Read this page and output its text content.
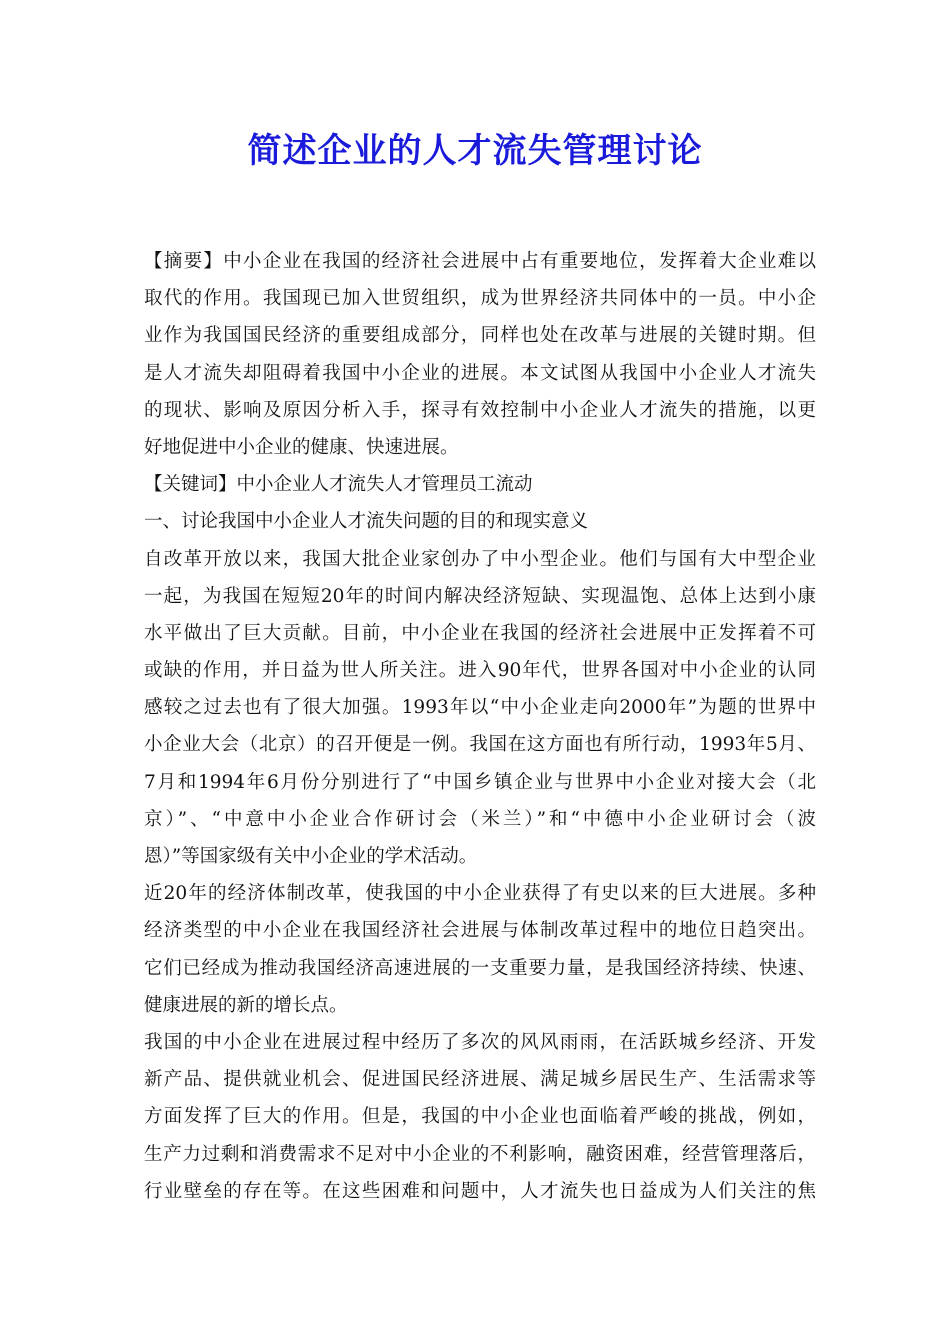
简述企业的人才流失管理讨论
【摘要】中小企业在我国的经济社会进展中占有重要地位，发挥着大企业难以
取代的作用。我国现已加入世贸组织，成为世界经济共同体中的一员。中小企
业作为我国国民经济的重要组成部分，同样也处在改革与进展的关键时期。但
是人才流失却阻碍着我国中小企业的进展。本文试图从我国中小企业人才流失
的现状、影响及原因分析入手，探寻有效控制中小企业人才流失的措施，以更
好地促进中小企业的健康、快速进展。
【关键词】中小企业人才流失人才管理员工流动
一、讨论我国中小企业人才流失问题的目的和现实意义
自改革开放以来，我国大批企业家创办了中小型企业。他们与国有大中型企业
一起，为我国在短短20年的时间内解决经济短缺、实现温饱、总体上达到小康
水平做出了巨大贡献。目前，中小企业在我国的经济社会进展中正发挥着不可
或缺的作用，并日益为世人所关注。进入90年代，世界各国对中小企业的认同
感较之过去也有了很大加强。1993年以“中小企业走向2000年”为题的世界中
小企业大会（北京）的召开便是一例。我国在这方面也有所行动，1993年5月、
7月和1994年6月份分别进行了“中国乡镇企业与世界中小企业对接大会（北
京）”、“中意中小企业合作研讨会（米兰）”和“中德中小企业研讨会（波
恩）”等国家级有关中小企业的学术活动。
近20年的经济体制改革，使我国的中小企业获得了有史以来的巨大进展。多种
经济类型的中小企业在我国经济社会进展与体制改革过程中的地位日趋突出。
它们已经成为推动我国经济高速进展的一支重要力量，是我国经济持续、快速、
健康进展的新的增长点。
我国的中小企业在进展过程中经历了多次的风风雨雨，在活跃城乡经济、开发
新产品、提供就业机会、促进国民经济进展、满足城乡居民生产、生活需求等
方面发挥了巨大的作用。但是，我国的中小企业也面临着严峻的挑战，例如，
生产力过剩和消费需求不足对中小企业的不利影响，融资困难，经营管理落后，
行业壁垒的存在等。在这些困难和问题中，人才流失也日益成为人们关注的焦
